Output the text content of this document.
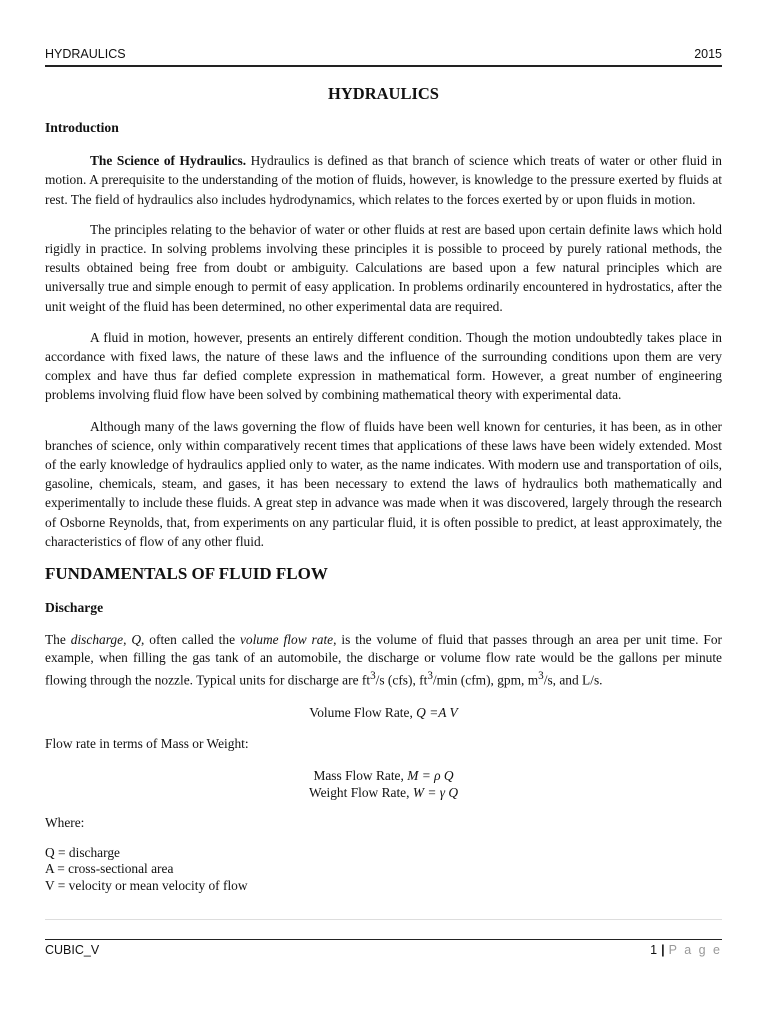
HYDRAULICS	2015
HYDRAULICS
Introduction

The Science of Hydraulics. Hydraulics is defined as that branch of science which treats of water or other fluid in motion. A prerequisite to the understanding of the motion of fluids, however, is knowledge to the pressure exerted by fluids at rest. The field of hydraulics also includes hydrodynamics, which relates to the forces exerted by or upon fluids in motion.

The principles relating to the behavior of water or other fluids at rest are based upon certain definite laws which hold rigidly in practice. In solving problems involving these principles it is possible to proceed by purely rational methods, the results obtained being free from doubt or ambiguity. Calculations are based upon a few natural principles which are universally true and simple enough to permit of easy application. In problems ordinarily encountered in hydrostatics, after the unit weight of the fluid has been determined, no other experimental data are required.

A fluid in motion, however, presents an entirely different condition. Though the motion undoubtedly takes place in accordance with fixed laws, the nature of these laws and the influence of the surrounding conditions upon them are very complex and have thus far defied complete expression in mathematical form. However, a great number of engineering problems involving fluid flow have been solved by combining mathematical theory with experimental data.

Although many of the laws governing the flow of fluids have been well known for centuries, it has been, as in other branches of science, only within comparatively recent times that applications of these laws have been widely extended. Most of the early knowledge of hydraulics applied only to water, as the name indicates. With modern use and transportation of oils, gasoline, chemicals, steam, and gases, it has been necessary to extend the laws of hydraulics both mathematically and experimentally to include these fluids. A great step in advance was made when it was discovered, largely through the research of Osborne Reynolds, that, from experiments on any particular fluid, it is often possible to predict, at least approximately, the characteristics of flow of any other fluid.

FUNDAMENTALS OF FLUID FLOW
Discharge

The discharge, Q, often called the volume flow rate, is the volume of fluid that passes through an area per unit time. For example, when filling the gas tank of an automobile, the discharge or volume flow rate would be the gallons per minute flowing through the nozzle. Typical units for discharge are $ft^3/s$ (cfs), $ft^3/\min$ (cfm), gpm, $m^3/s$, and L/s.

Volume Flow Rate, Q =A V

Flow rate in terms of Mass or Weight:

Mass Flow Rate, M = ρ Q
Weight Flow Rate, W = γ Q

Where:

Q = discharge

A = cross-sectional area

V = velocity or mean velocity of flow

CUBIC_V	1 | P a g e
